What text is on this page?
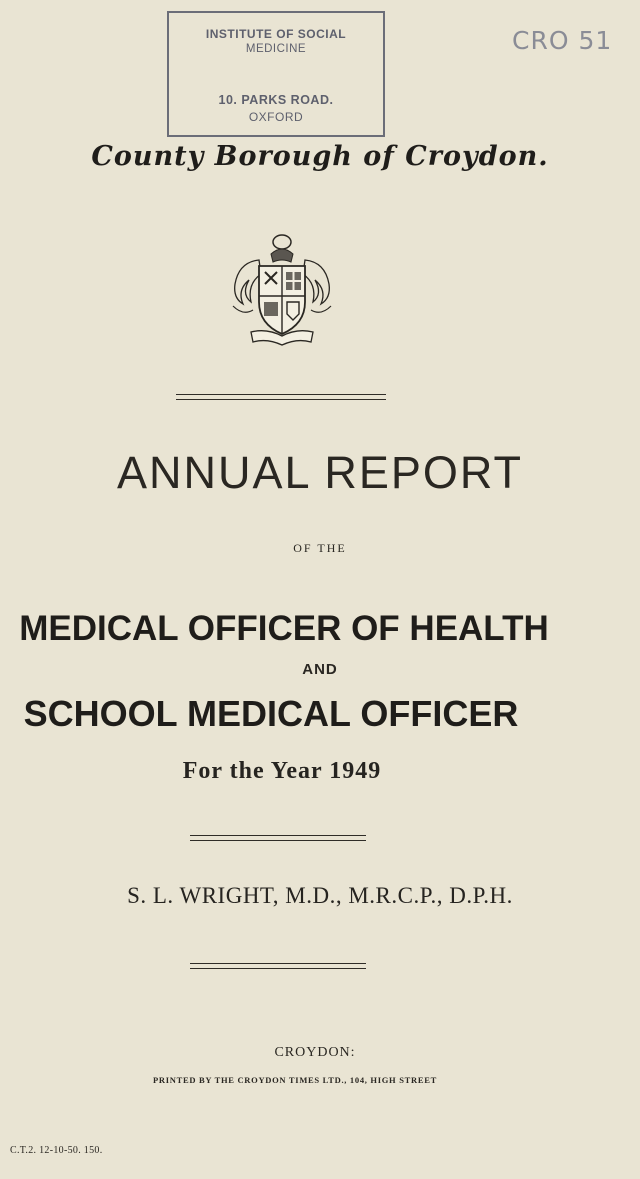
INSTITUTE OF SOCIAL
MEDICINE
10. PARKS ROAD.
OXFORD
CRO 51
County Borough of Croydon.
ANNUAL REPORT
OF THE
MEDICAL OFFICER OF HEALTH
AND
SCHOOL MEDICAL OFFICER
For the Year 1949
S. L. WRIGHT, M.D., M.R.C.P., D.P.H.
CROYDON:
PRINTED BY THE CROYDON TIMES LTD., 104, HIGH STREET
C.T.2. 12-10-50. 150.
